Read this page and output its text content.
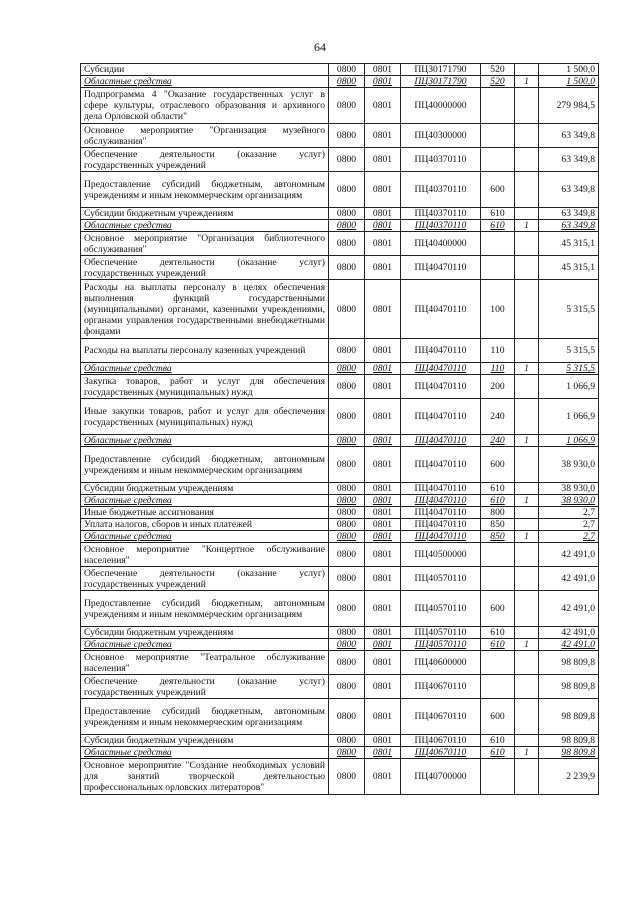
64
Субсидии	0800	0801	ПЦ30171790	520		1 500,0
Областные средства	0800	0801	ПЦ30171790	520	1	1 500,0
Подпрограмма 4 "Оказание государственных услуг в сфере культуры, отраслевого образования и архивного дела Орловской области"	0800	0801	ПЦ40000000			279 984,5
Основное мероприятие "Организация музейного обслуживания"	0800	0801	ПЦ40300000			63 349,8
Обеспечение деятельности (оказание услуг) государственных учреждений	0800	0801	ПЦ40370110			63 349,8
Предоставление субсидий бюджетным, автономным учреждениям и иным некоммерческим организациям	0800	0801	ПЦ40370110	600		63 349,8
Субсидии бюджетным учреждениям	0800	0801	ПЦ40370110	610		63 349,8
Областные средства	0800	0801	ПЦ40370110	610	1	63 349,8
Основное мероприятие "Организация библиотечного обслуживания"	0800	0801	ПЦ40400000			45 315,1
Обеспечение деятельности (оказание услуг) государственных учреждений	0800	0801	ПЦ40470110			45 315,1
Расходы на выплаты персоналу в целях обеспечения выполнения функций государственными (муниципальными) органами, казенными учреждениями, органами управления государственными внебюджетными фондами	0800	0801	ПЦ40470110	100		5 315,5
Расходы на выплаты персоналу казенных учреждений	0800	0801	ПЦ40470110	110		5 315,5
Областные средства	0800	0801	ПЦ40470110	110	1	5 315,5
Закупка товаров, работ и услуг для обеспечения государственных (муниципальных) нужд	0800	0801	ПЦ40470110	200		1 066,9
Иные закупки товаров, работ и услуг для обеспечения государственных (муниципальных) нужд	0800	0801	ПЦ40470110	240		1 066,9
Областные средства	0800	0801	ПЦ40470110	240	1	1 066,9
Предоставление субсидий бюджетным, автономным учреждениям и иным некоммерческим организациям	0800	0801	ПЦ40470110	600		38 930,0
Субсидии бюджетным учреждениям	0800	0801	ПЦ40470110	610		38 930,0
Областные средства	0800	0801	ПЦ40470110	610	1	38 930,0
Иные бюджетные ассигнования	0800	0801	ПЦ40470110	800		2,7
Уплата налогов, сборов и иных платежей	0800	0801	ПЦ40470110	850		2,7
Областные средства	0800	0801	ПЦ40470110	850	1	2,7
Основное мероприятие "Концертное обслуживание населения"	0800	0801	ПЦ40500000			42 491,0
Обеспечение деятельности (оказание услуг) государственных учреждений	0800	0801	ПЦ40570110			42 491,0
Предоставление субсидий бюджетным, автономным учреждениям и иным некоммерческим организациям	0800	0801	ПЦ40570110	600		42 491,0
Субсидии бюджетным учреждениям	0800	0801	ПЦ40570110	610		42 491,0
Областные средства	0800	0801	ПЦ40570110	610	1	42 491,0
Основное мероприятие "Театральное обслуживание населения"	0800	0801	ПЦ40600000			98 809,8
Обеспечение деятельности (оказание услуг) государственных учреждений	0800	0801	ПЦ40670110			98 809,8
Предоставление субсидий бюджетным, автономным учреждениям и иным некоммерческим организациям	0800	0801	ПЦ40670110	600		98 809,8
Субсидии бюджетным учреждениям	0800	0801	ПЦ40670110	610		98 809,8
Областные средства	0800	0801	ПЦ40670110	610	1	98 809,8
Основное мероприятие "Создание необходимых условий для занятий творческой деятельностью профессиональных орловских литераторов"	0800	0801	ПЦ40700000			2 239,9
